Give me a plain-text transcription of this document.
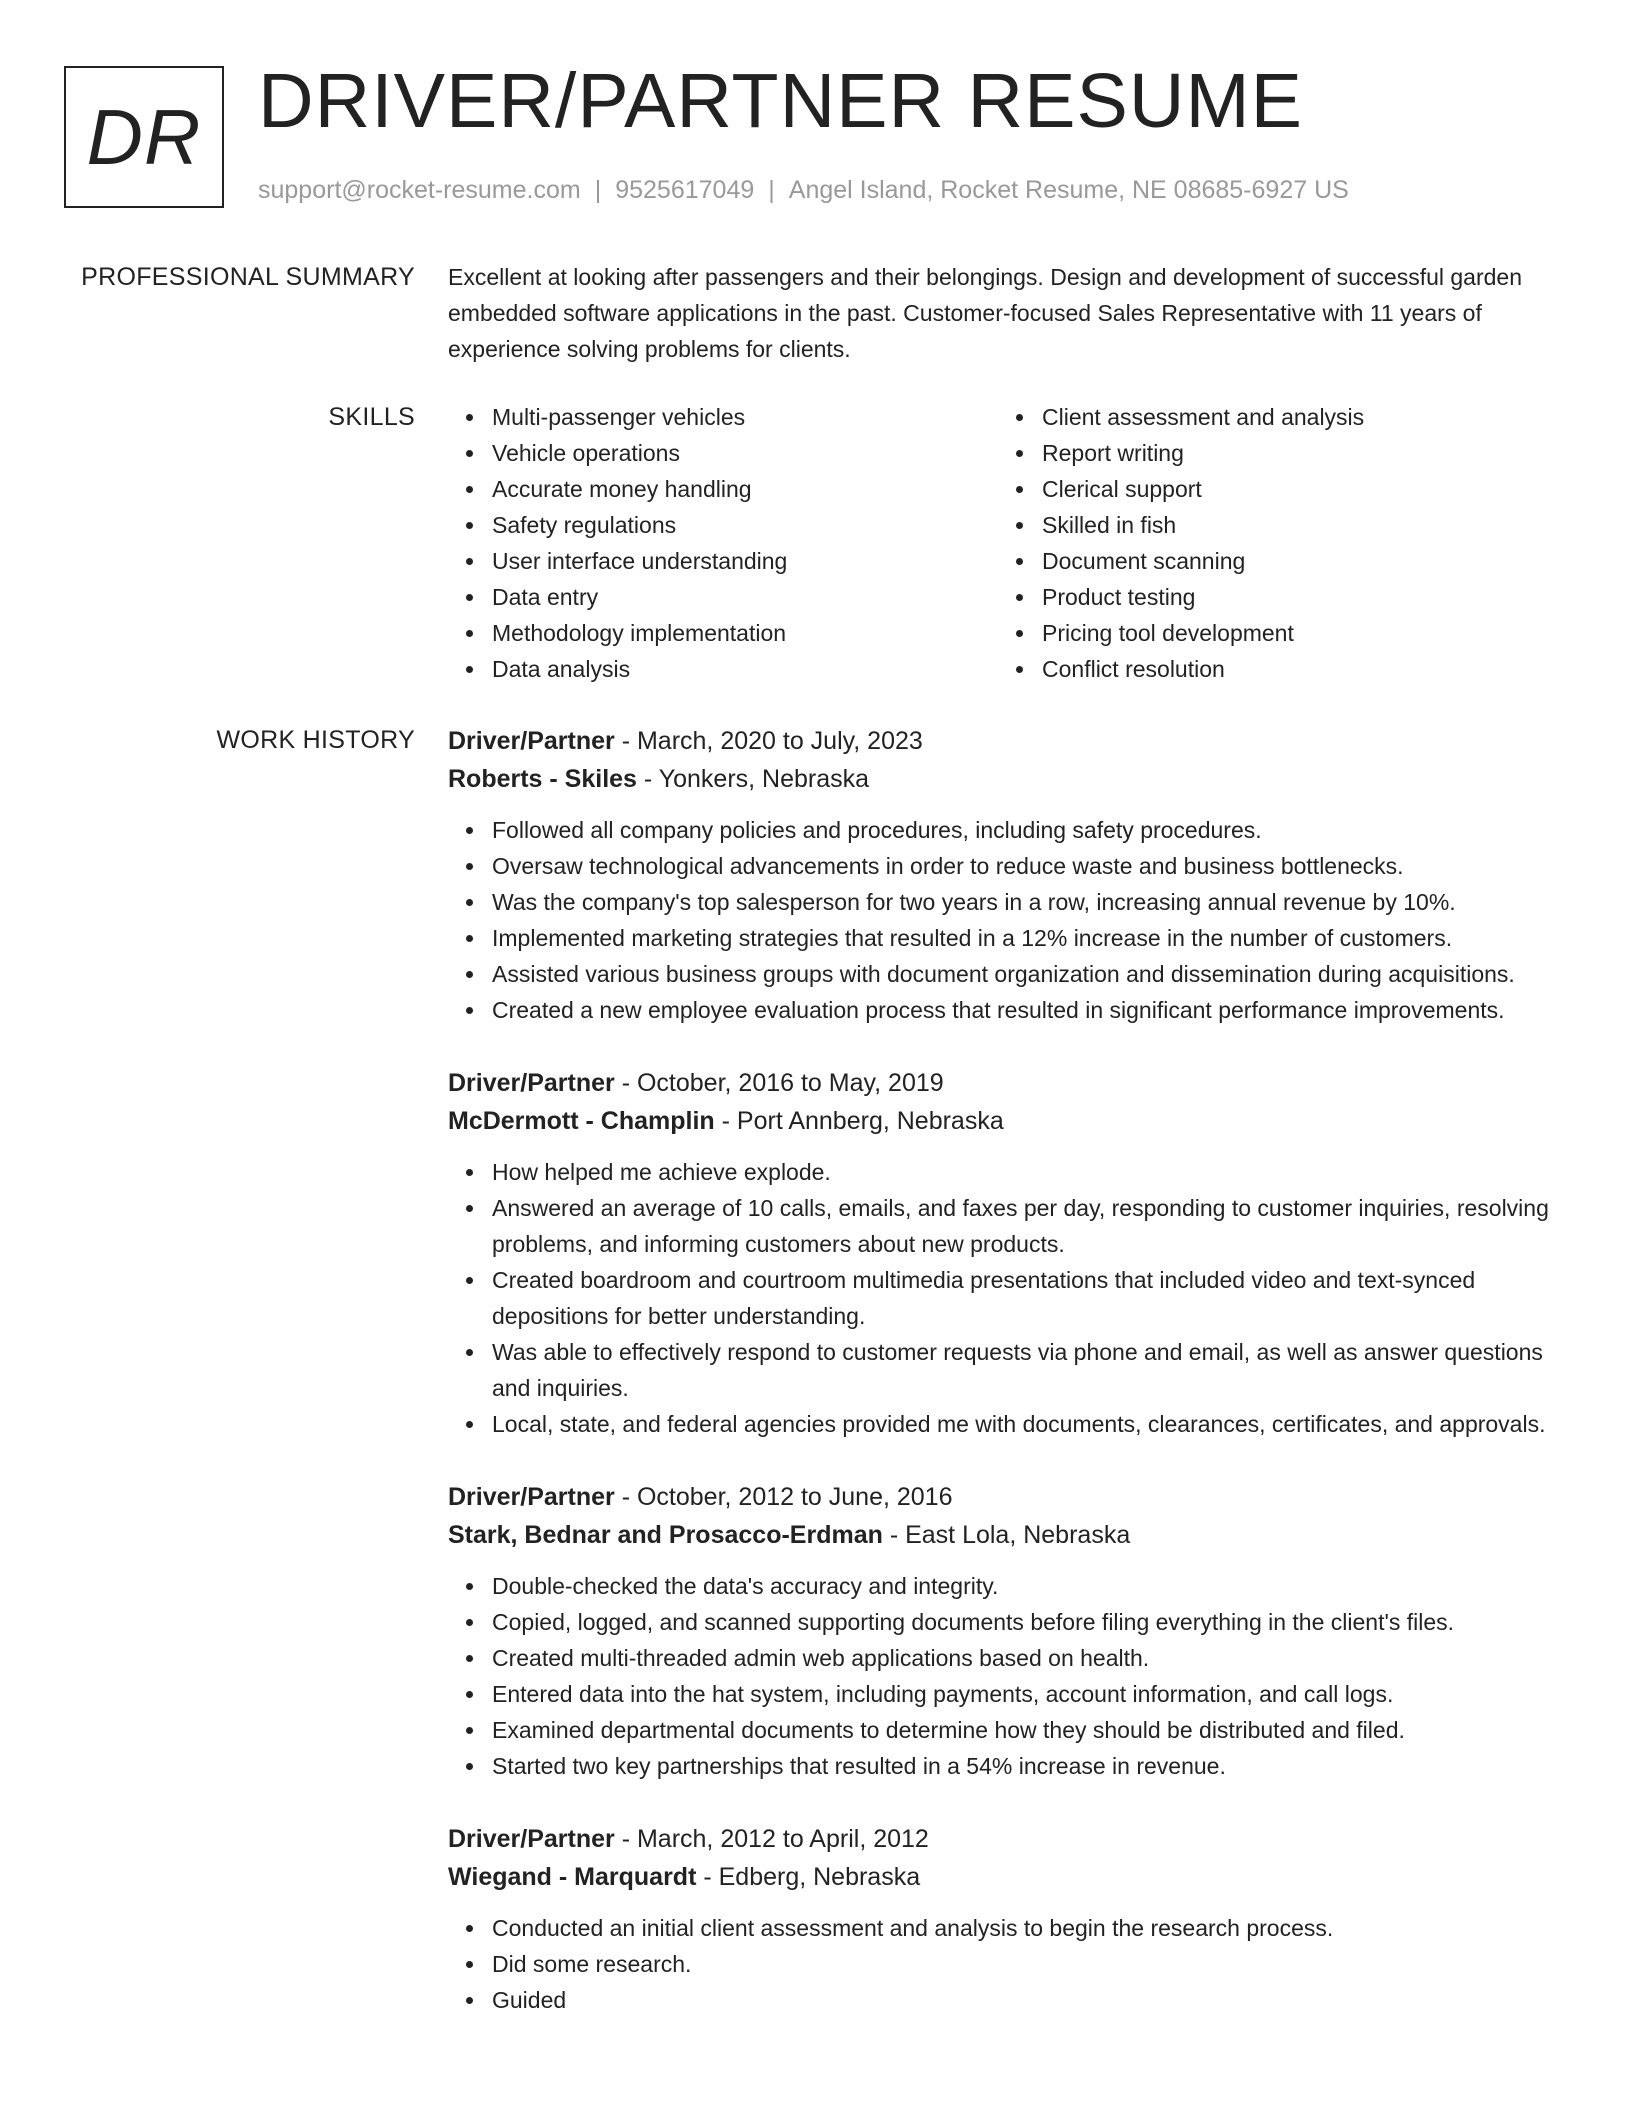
DR DRIVER/PARTNER RESUME
support@rocket-resume.com | 9525617049 | Angel Island, Rocket Resume, NE 08685-6927 US
PROFESSIONAL SUMMARY Excellent at looking after passengers and their belongings. Design and development of successful garden embedded software applications in the past. Customer-focused Sales Representative with 11 years of experience solving problems for clients.

SKILLS	Multi-passenger vehicles
Vehicle operations
Accurate money handling
Safety regulations
User interface understanding
Data entry
Methodology implementation
Data analysis
Client assessment and analysis
Report writing
Clerical support
Skilled in fish
Document scanning
Product testing
Pricing tool development
Conflict resolution
WORK HISTORY Driver/Partner - March, 2020 to July, 2023
Roberts - Skiles - Yonkers, Nebraska
Followed all company policies and procedures, including safety procedures.
Oversaw technological advancements in order to reduce waste and business bottlenecks.
Was the company's top salesperson for two years in a row, increasing annual revenue by 10%.
Implemented marketing strategies that resulted in a 12% increase in the number of customers.
Assisted various business groups with document organization and dissemination during acquisitions.
Created a new employee evaluation process that resulted in significant performance improvements.
Driver/Partner - October, 2016 to May, 2019
McDermott - Champlin - Port Annberg, Nebraska
How helped me achieve explode.
Answered an average of 10 calls, emails, and faxes per day, responding to customer inquiries, resolving problems, and informing customers about new products.
Created boardroom and courtroom multimedia presentations that included video and text-synced depositions for better understanding.
Was able to effectively respond to customer requests via phone and email, as well as answer questions and inquiries.
Local, state, and federal agencies provided me with documents, clearances, certificates, and approvals.
Driver/Partner - October, 2012 to June, 2016
Stark, Bednar and Prosacco-Erdman - East Lola, Nebraska
Double-checked the data's accuracy and integrity.
Copied, logged, and scanned supporting documents before filing everything in the client's files.
Created multi-threaded admin web applications based on health.
Entered data into the hat system, including payments, account information, and call logs.
Examined departmental documents to determine how they should be distributed and filed.
Started two key partnerships that resulted in a 54% increase in revenue.
Driver/Partner - March, 2012 to April, 2012
Wiegand - Marquardt - Edberg, Nebraska
Conducted an initial client assessment and analysis to begin the research process.
Did some research.
Guided
